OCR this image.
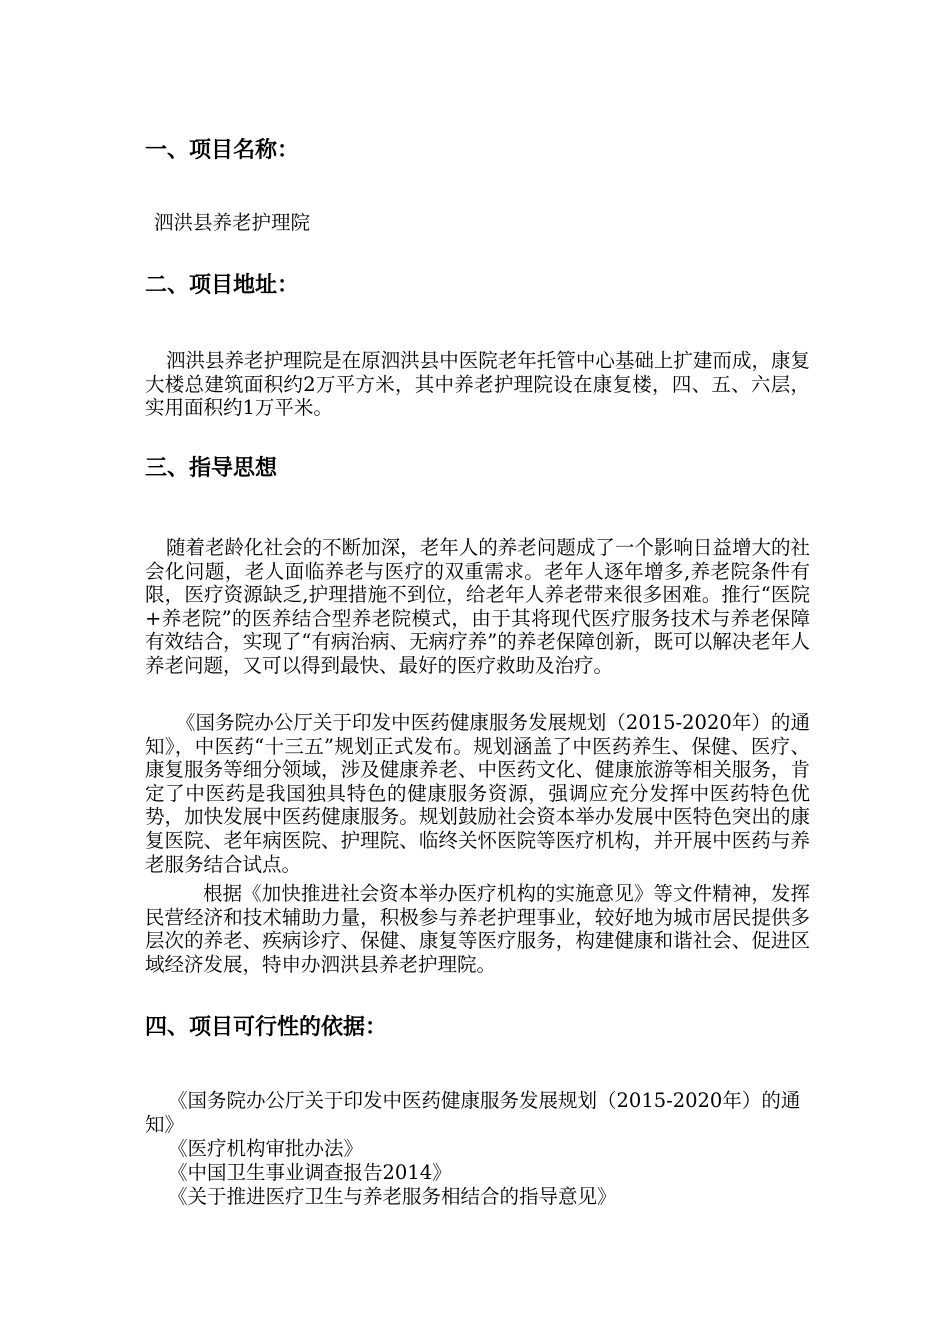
一、项目名称：

泗洪县养老护理院

二、项目地址：

泗洪县养老护理院是在原泗洪县中医院老年托管中心基础上扩建而成，康复大楼总建筑面积约2万平方米，其中养老护理院设在康复楼，四、五、六层，实用面积约1万平米。

三、指导思想

随着老龄化社会的不断加深，老年人的养老问题成了一个影响日益增大的社会化问题，老人面临养老与医疗的双重需求。老年人逐年增多,养老院条件有限，医疗资源缺乏,护理措施不到位，给老年人养老带来很多困难。推行“医院+养老院”的医养结合型养老院模式，由于其将现代医疗服务技术与养老保障有效结合，实现了“有病治病、无病疗养”的养老保障创新，既可以解决老年人养老问题，又可以得到最快、最好的医疗救助及治疗。

《国务院办公厅关于印发中医药健康服务发展规划（2015-2020年）的通知》，中医药“十三五”规划正式发布。规划涵盖了中医药养生、保健、医疗、康复服务等细分领域，涉及健康养老、中医药文化、健康旅游等相关服务，肯定了中医药是我国独具特色的健康服务资源，强调应充分发挥中医药特色优势，加快发展中医药健康服务。规划鼓励社会资本举办发展中医特色突出的康复医院、老年病医院、护理院、临终关怀医院等医疗机构，并开展中医药与养老服务结合试点。

根据《加快推进社会资本举办医疗机构的实施意见》等文件精神，发挥民营经济和技术辅助力量，积极参与养老护理事业，较好地为城市居民提供多层次的养老、疾病诊疗、保健、康复等医疗服务，构建健康和谐社会、促进区域经济发展，特申办泗洪县养老护理院。

四、项目可行性的依据：
《国务院办公厅关于印发中医药健康服务发展规划（2015-2020年）的通知》
《医疗机构审批办法》
《中国卫生事业调查报告2014》
《关于推进医疗卫生与养老服务相结合的指导意见》
